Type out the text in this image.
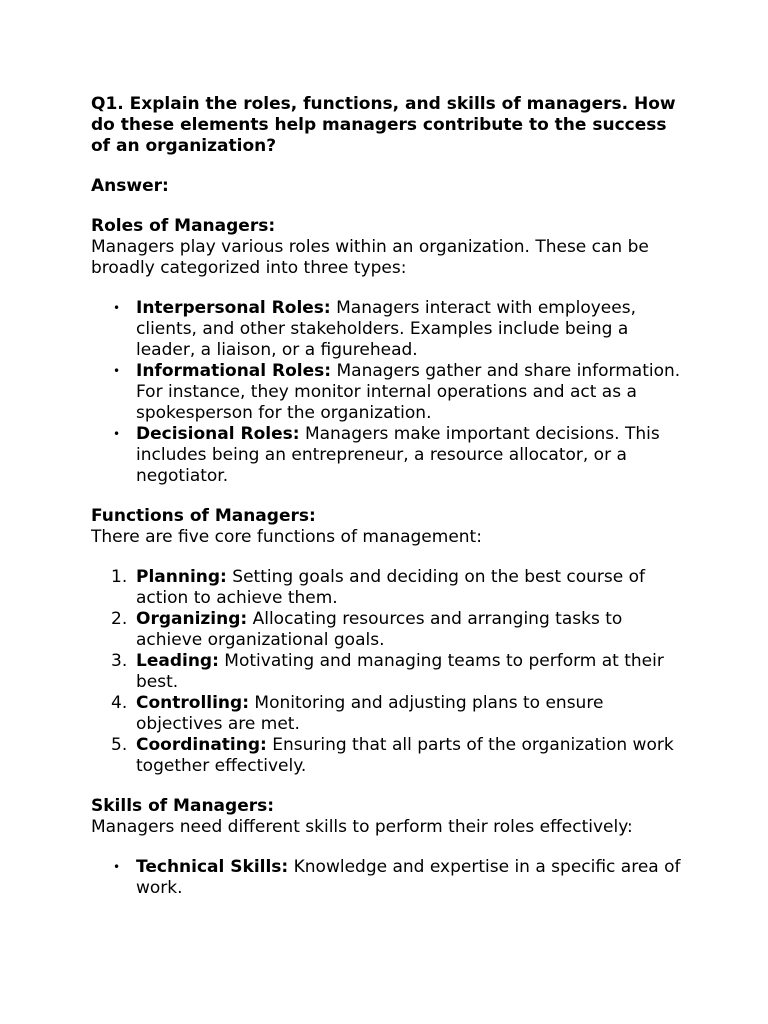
Q1. Explain the roles, functions, and skills of managers. How do these elements help managers contribute to the success of an organization?

Answer:

Roles of Managers:

Managers play various roles within an organization. These can be broadly categorized into three types:

• Interpersonal Roles: Managers interact with employees, clients, and other stakeholders. Examples include being a leader, a liaison, or a figurehead.
• Informational Roles: Managers gather and share information. For instance, they monitor internal operations and act as a spokesperson for the organization.
• Decisional Roles: Managers make important decisions. This includes being an entrepreneur, a resource allocator, or a negotiator.

Functions of Managers:

There are five core functions of management:

1. Planning: Setting goals and deciding on the best course of action to achieve them.
2. Organizing: Allocating resources and arranging tasks to achieve organizational goals.
3. Leading: Motivating and managing teams to perform at their best.
4. Controlling: Monitoring and adjusting plans to ensure objectives are met.
5. Coordinating: Ensuring that all parts of the organization work together effectively.

Skills of Managers:

Managers need different skills to perform their roles effectively:

• Technical Skills: Knowledge and expertise in a specific area of work.
